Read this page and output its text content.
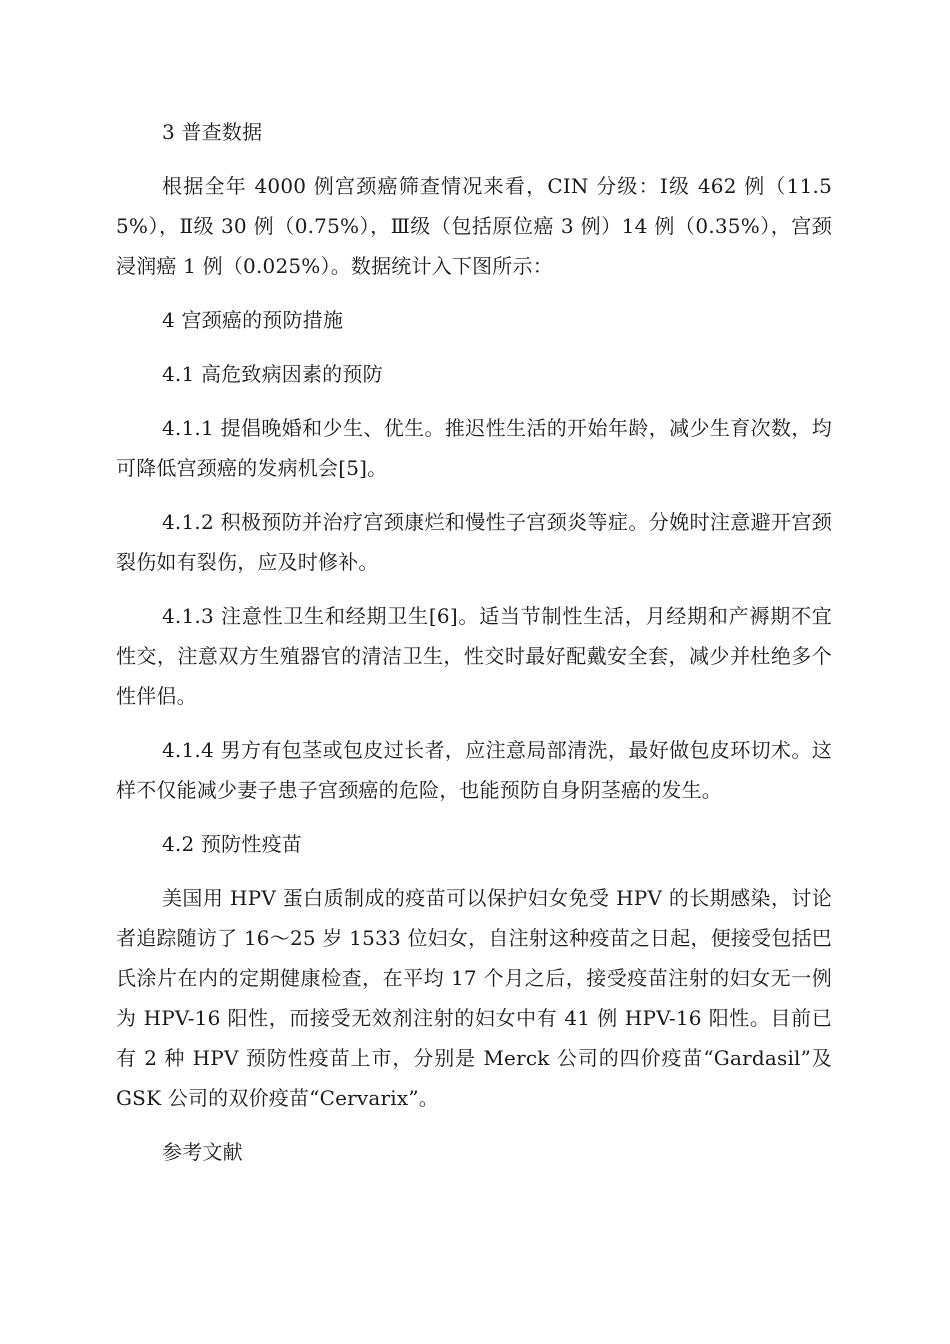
3 普查数据

根据全年 4000 例宫颈癌筛查情况来看，CIN 分级：Ⅰ级 462 例（11.55%），Ⅱ级 30 例（0.75%），Ⅲ级（包括原位癌 3 例）14 例（0.35%），宫颈浸润癌 1 例（0.025%）。数据统计入下图所示：

4 宫颈癌的预防措施

4.1 高危致病因素的预防

4.1.1 提倡晚婚和少生、优生。推迟性生活的开始年龄，减少生育次数，均可降低宫颈癌的发病机会[5]。

4.1.2 积极预防并治疗宫颈康烂和慢性子宫颈炎等症。分娩时注意避开宫颈裂伤如有裂伤，应及时修补。

4.1.3 注意性卫生和经期卫生[6]。适当节制性生活，月经期和产褥期不宜性交，注意双方生殖器官的清洁卫生，性交时最好配戴安全套，减少并杜绝多个性伴侣。

4.1.4 男方有包茎或包皮过长者，应注意局部清洗，最好做包皮环切术。这样不仅能减少妻子患子宫颈癌的危险，也能预防自身阴茎癌的发生。

4.2 预防性疫苗

美国用 HPV 蛋白质制成的疫苗可以保护妇女免受 HPV 的长期感染，讨论者追踪随访了 16～25 岁 1533 位妇女，自注射这种疫苗之日起，便接受包括巴氏涂片在内的定期健康检查，在平均 17 个月之后，接受疫苗注射的妇女无一例为 HPV-16 阳性，而接受无效剂注射的妇女中有 41 例 HPV-16 阳性。目前已有 2 种 HPV 预防性疫苗上市，分别是 Merck 公司的四价疫苗“Gardasil”及 GSK 公司的双价疫苗“Cervarix”。

参考文献
